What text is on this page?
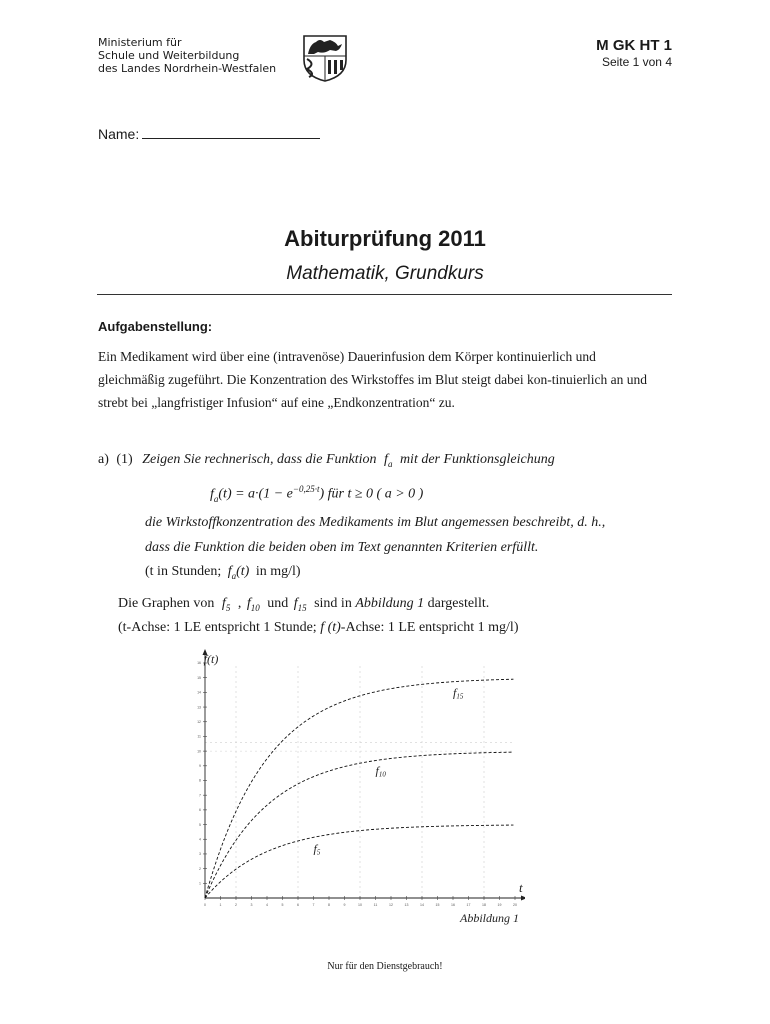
Ministerium für
Schule und Weiterbildung
des Landes Nordrhein-Westfalen
M GK HT 1
Seite 1 von 4
Name:
Abiturprüfung 2011
Mathematik, Grundkurs
Aufgabenstellung:
Ein Medikament wird über eine (intravenöse) Dauerinfusion dem Körper kontinuierlich und gleichmäßig zugeführt. Die Konzentration des Wirkstoffes im Blut steigt dabei kon-tinuierlich an und strebt bei „langfristiger Infusion“ auf eine „Endkonzentration“ zu.
a) (1) Zeigen Sie rechnerisch, dass die Funktion $f_a$ mit der Funktionsgleichung
$f_a(t) = a\cdot(1 - e^{-0,25\cdot t})$ für t ≥ 0 ( a > 0 )
die Wirkstoffkonzentration des Medikaments im Blut angemessen beschreibt, d. h.,
dass die Funktion die beiden oben im Text genannten Kriterien erfüllt.
(t in Stunden; $f_a(t)$ in mg/l)
Die Graphen von $f_5$ , $f_{10}$ und $f_{15}$ sind in Abbildung 1 dargestellt.
(t-Achse: 1 LE entspricht 1 Stunde; f (t)-Achse: 1 LE entspricht 1 mg/l)
0	1	2	3	4	5	6	7	8	9	10	11	12	13	14	15	16	17	18	19	20
1
2
3
4
5
6
7
8
9
10
11
12
13
14
15
16 f(t)
t
f5
f10
f15
Abbildung 1
Nur für den Dienstgebrauch!
